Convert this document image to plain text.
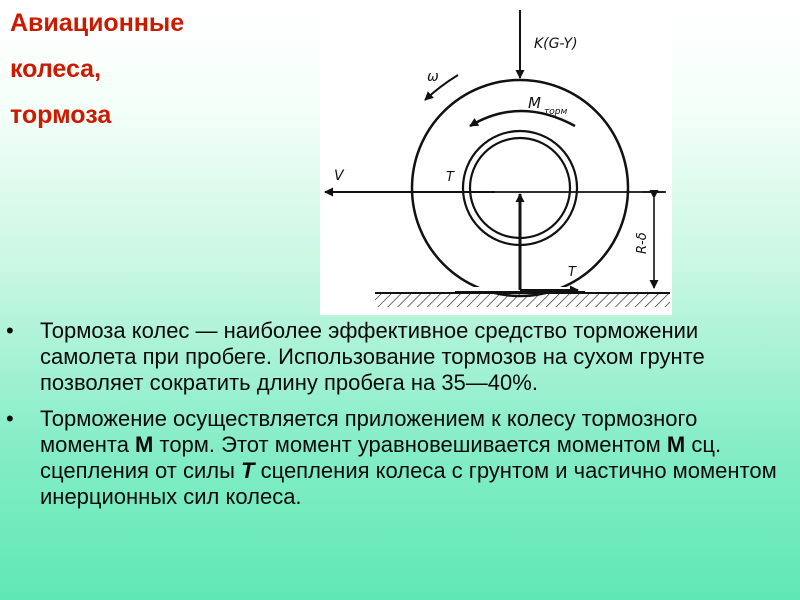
Авиационные
колеса,
тормоза
K(G-Y)
ω
M торм
V	T
T
R-δ
• Тормоза колес — наиболее эффективное средство торможении самолета при пробеге. Использование тормозов на сухом грунте позволяет сократить длину пробега на 35—40%.
• Торможение осуществляется приложением к колесу тормозного момента М торм. Этот момент уравновешивается моментом М сц. сцепления от силы Т сцепления колеса с грунтом и частично моментом инерционных сил колеса.
